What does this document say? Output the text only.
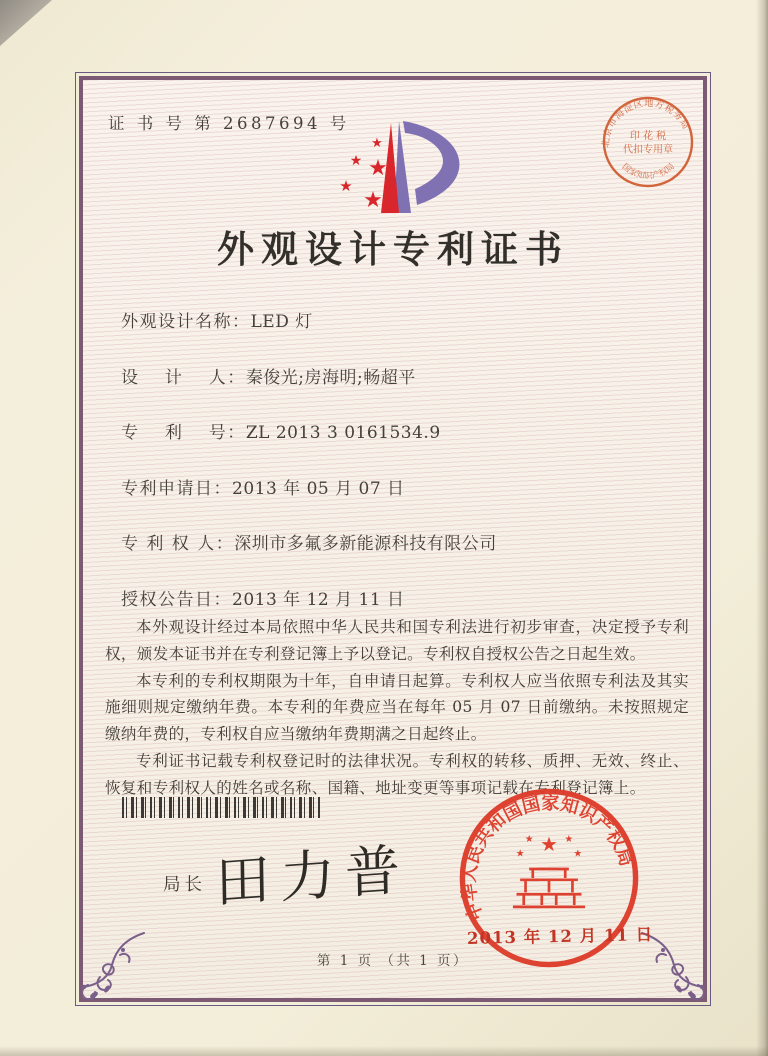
证 书 号 第 2687694 号
北京市海淀区地方税务局
国家知识产权局
印 花 税
代扣专用章
★
★ ★
★
★
外观设计专利证书
外观设计名称：LED 灯
设　 计　 人：秦俊光;房海明;畅超平
专　 利　 号：ZL 2013 3 0161534.9
专利申请日：2013 年 05 月 07 日
专 利 权 人：深圳市多氟多新能源科技有限公司
授权公告日：2013 年 12 月 11 日

本外观设计经过本局依照中华人民共和国专利法进行初步审查，决定授予专利权，颁发本证书并在专利登记簿上予以登记。专利权自授权公告之日起生效。

本专利的专利权期限为十年，自申请日起算。专利权人应当依照专利法及其实施细则规定缴纳年费。本专利的年费应当在每年 05 月 07 日前缴纳。未按照规定缴纳年费的，专利权自应当缴纳年费期满之日起终止。

专利证书记载专利权登记时的法律状况。专利权的转移、质押、无效、终止、恢复和专利权人的姓名或名称、国籍、地址变更等事项记载在专利登记簿上。

局长 田力普	中华人民共和国国家知识产权局
★
★	★
★	★
2013 年 12 月 11 日
第 1 页 （共 1 页）
